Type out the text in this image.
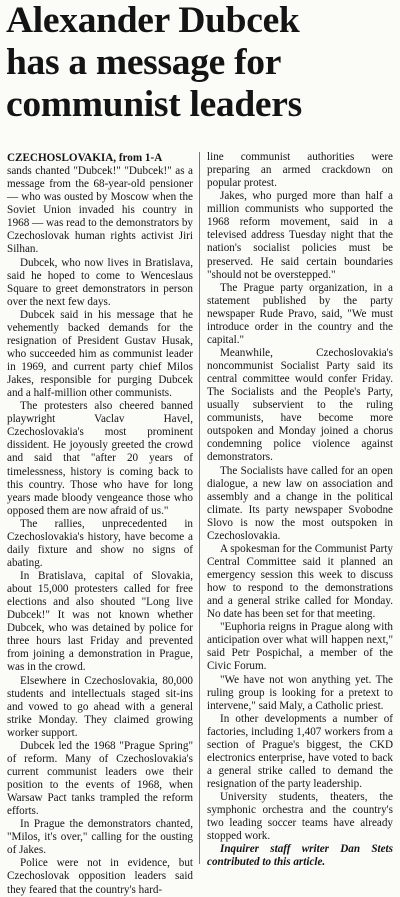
Alexander Dubcek
has a message for
communist leaders

CZECHOSLOVAKIA, from 1-A
sands chanted "Dubcek!" "Dubcek!" as a message from the 68-year-old pensioner — who was ousted by Moscow when the Soviet Union invaded his country in 1968 — was read to the demonstrators by Czechoslovak human rights activist Jiri Silhan.

Dubcek, who now lives in Bratislava, said he hoped to come to Wenceslaus Square to greet demonstrators in person over the next few days.

Dubcek said in his message that he vehemently backed demands for the resignation of President Gustav Husak, who succeeded him as communist leader in 1969, and current party chief Milos Jakes, responsible for purging Dubcek and a half-million other communists.

The protesters also cheered banned playwright Vaclav Havel, Czechoslovakia's most prominent dissident. He joyously greeted the crowd and said that "after 20 years of timelessness, history is coming back to this country. Those who have for long years made bloody vengeance those who opposed them are now afraid of us."

The rallies, unprecedented in Czechoslovakia's history, have become a daily fixture and show no signs of abating.

In Bratislava, capital of Slovakia, about 15,000 protesters called for free elections and also shouted "Long live Dubcek!" It was not known whether Dubcek, who was detained by police for three hours last Friday and prevented from joining a demonstration in Prague, was in the crowd.

Elsewhere in Czechoslovakia, 80,000 students and intellectuals staged sit-ins and vowed to go ahead with a general strike Monday. They claimed growing worker support.

Dubcek led the 1968 "Prague Spring" of reform. Many of Czechoslovakia's current communist leaders owe their position to the events of 1968, when Warsaw Pact tanks trampled the reform efforts.

In Prague the demonstrators chanted, "Milos, it's over," calling for the ousting of Jakes.

Police were not in evidence, but Czechoslovak opposition leaders said they feared that the country's hard-

line communist authorities were preparing an armed crackdown on popular protest.

Jakes, who purged more than half a million communists who supported the 1968 reform movement, said in a televised address Tuesday night that the nation's socialist policies must be preserved. He said certain boundaries "should not be overstepped."

The Prague party organization, in a statement published by the party newspaper Rude Pravo, said, "We must introduce order in the country and the capital."

Meanwhile, Czechoslovakia's noncommunist Socialist Party said its central committee would confer Friday. The Socialists and the People's Party, usually subservient to the ruling communists, have become more outspoken and Monday joined a chorus condemning police violence against demonstrators.

The Socialists have called for an open dialogue, a new law on association and assembly and a change in the political climate. Its party newspaper Svobodne Slovo is now the most outspoken in Czechoslovakia.

A spokesman for the Communist Party Central Committee said it planned an emergency session this week to discuss how to respond to the demonstrations and a general strike called for Monday. No date has been set for that meeting.

"Euphoria reigns in Prague along with anticipation over what will happen next," said Petr Pospichal, a member of the Civic Forum.

"We have not won anything yet. The ruling group is looking for a pretext to intervene," said Maly, a Catholic priest.

In other developments a number of factories, including 1,407 workers from a section of Prague's biggest, the CKD electronics enterprise, have voted to back a general strike called to demand the resignation of the party leadership.

University students, theaters, the symphonic orchestra and the country's two leading soccer teams have already stopped work.

Inquirer staff writer Dan Stets contributed to this article.
